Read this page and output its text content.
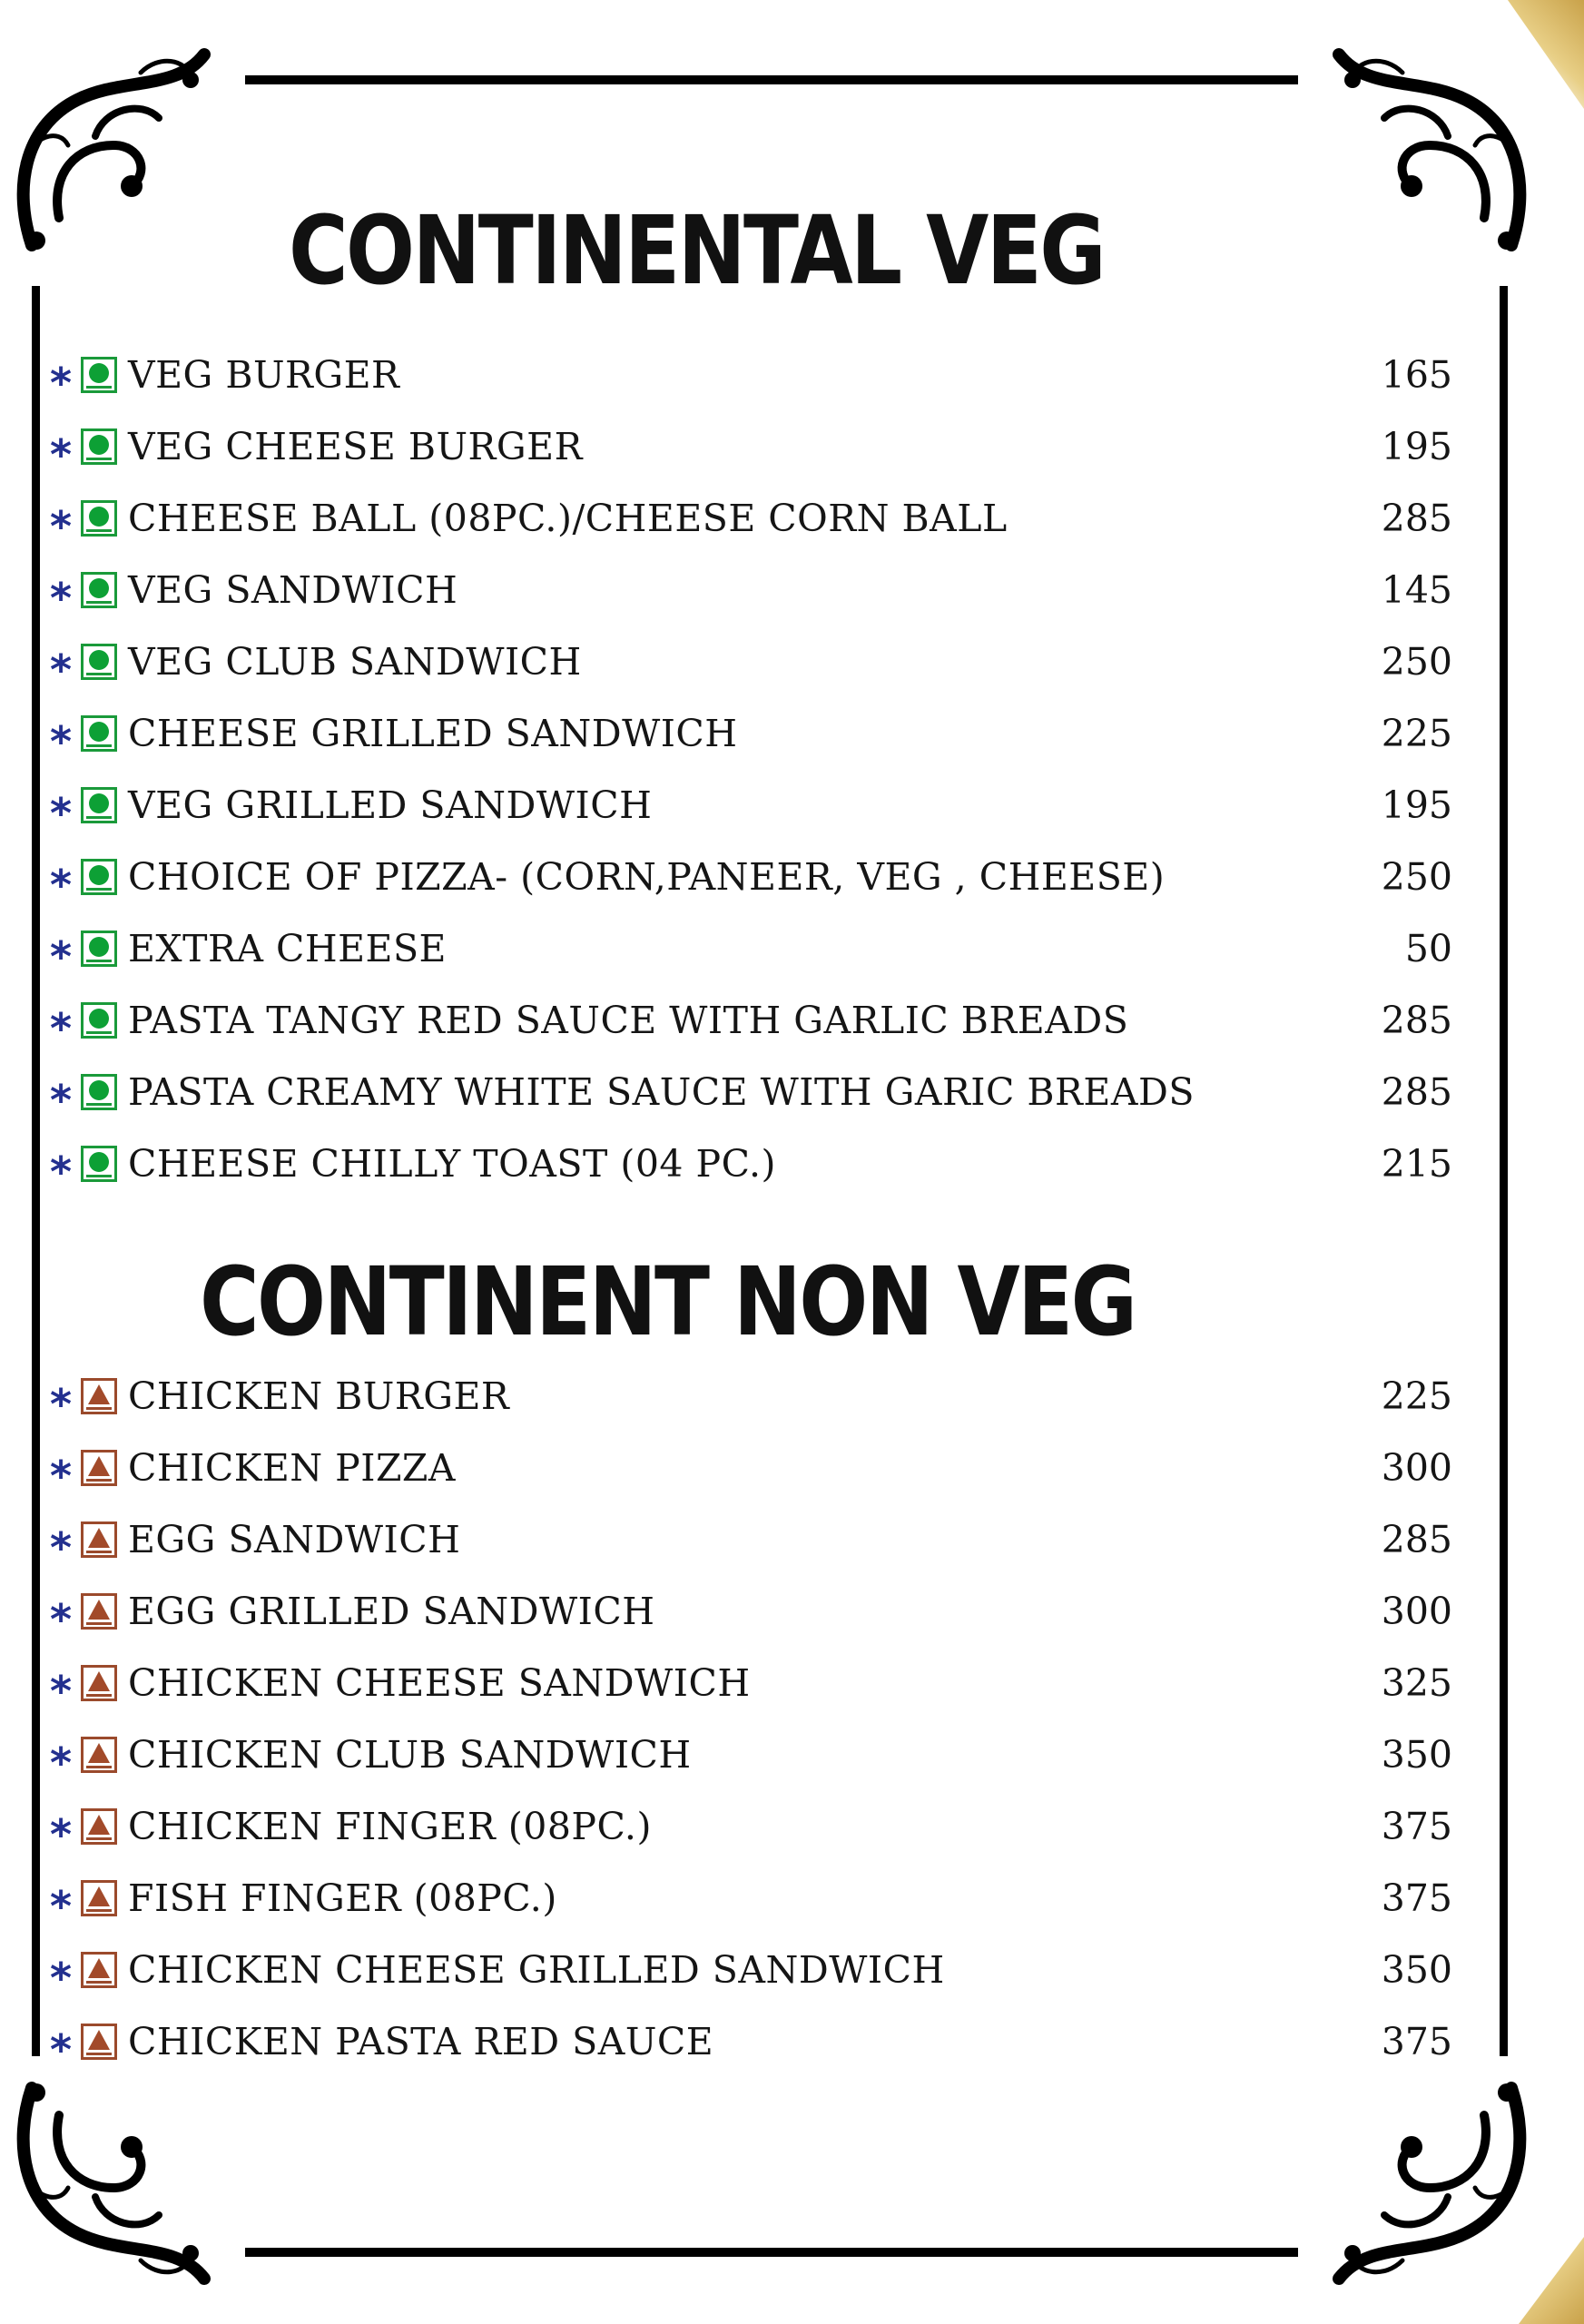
CONTINENTAL VEG
* VEG BURGER	165
* VEG CHEESE BURGER	195
* CHEESE BALL (08PC.)/CHEESE CORN BALL	285
* VEG SANDWICH	145
* VEG CLUB SANDWICH	250
* CHEESE GRILLED SANDWICH	225
* VEG GRILLED SANDWICH	195
* CHOICE OF PIZZA- (CORN,PANEER, VEG , CHEESE)	250
* EXTRA CHEESE	50
* PASTA TANGY RED SAUCE WITH GARLIC BREADS	285
* PASTA CREAMY WHITE SAUCE WITH GARIC BREADS	285
* CHEESE CHILLY TOAST (04 PC.)	215
CONTINENT NON VEG
* CHICKEN BURGER	225
* CHICKEN PIZZA	300
* EGG SANDWICH	285
* EGG GRILLED SANDWICH	300
* CHICKEN CHEESE SANDWICH	325
* CHICKEN CLUB SANDWICH	350
* CHICKEN FINGER (08PC.)	375
* FISH FINGER (08PC.)	375
* CHICKEN CHEESE GRILLED SANDWICH	350
* CHICKEN PASTA RED SAUCE	375
